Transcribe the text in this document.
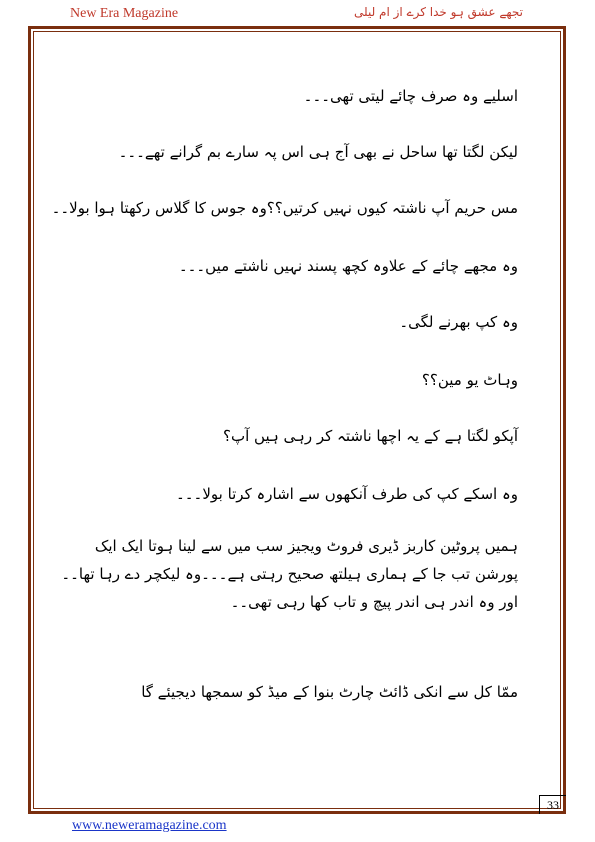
New Era Magazine	تجھے عشق ہو خدا کرے از ام لیلی

اسلیے وہ صرف چائے لیتی تھی۔۔۔

لیکن لگتا تھا ساحل نے بھی آج ہی اس پہ سارے بم گرانے تھے۔۔۔

مس حریم آپ ناشتہ کیوں نہیں کرتیں؟؟وہ جوس کا گلاس رکھتا ہوا بولا۔۔

وہ مجھے چائے کے علاوہ کچھ پسند نہیں ناشتے میں۔۔۔

وہ کپ بھرنے لگی۔

وہاٹ یو مین؟؟

آپکو لگتا ہے کے یہ اچھا ناشتہ کر رہی ہیں آپ؟

وہ اسکے کپ کی طرف آنکھوں سے اشارہ کرتا بولا۔۔۔

ہمیں پروٹین کاربز ڈیری فروٹ ویجیز سب میں سے لینا ہوتا ایک ایک پورشن تب جا کے ہماری ہیلتھ صحیح رہتی ہے۔۔۔وہ لیکچر دے رہا تھا۔۔اور وہ اندر ہی اندر پیچ و تاب کھا رہی تھی۔۔

ممّا کل سے انکی ڈائٹ چارٹ بنوا کے میڈ کو سمجھا دیجیئے گا

33
www.neweramagazine.com
